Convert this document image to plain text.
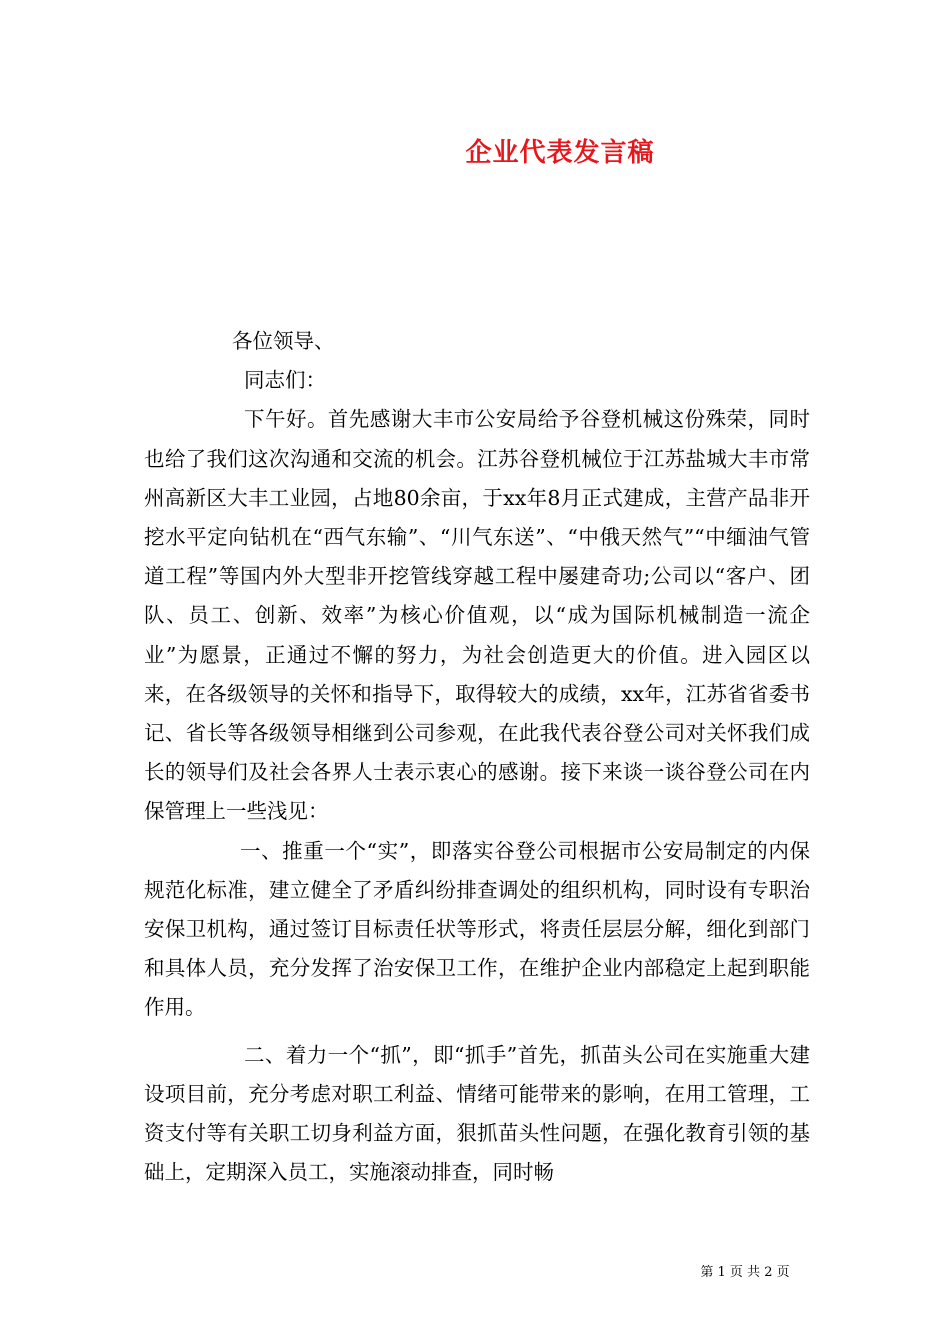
企业代表发言稿

各位领导、

同志们：

下午好。首先感谢大丰市公安局给予谷登机械这份殊荣，同时也给了我们这次沟通和交流的机会。江苏谷登机械位于江苏盐城大丰市常州高新区大丰工业园，占地80余亩，于xx年8月正式建成，主营产品非开挖水平定向钻机在“西气东输”、“川气东送”、“中俄天然气”“中缅油气管道工程”等国内外大型非开挖管线穿越工程中屡建奇功;公司以“客户、团队、员工、创新、效率”为核心价值观，以“成为国际机械制造一流企业”为愿景，正通过不懈的努力，为社会创造更大的价值。进入园区以来，在各级领导的关怀和指导下，取得较大的成绩，xx年，江苏省省委书记、省长等各级领导相继到公司参观，在此我代表谷登公司对关怀我们成长的领导们及社会各界人士表示衷心的感谢。接下来谈一谈谷登公司在内保管理上一些浅见：

一、推重一个“实”，即落实谷登公司根据市公安局制定的内保规范化标准，建立健全了矛盾纠纷排查调处的组织机构，同时设有专职治安保卫机构，通过签订目标责任状等形式，将责任层层分解，细化到部门和具体人员，充分发挥了治安保卫工作，在维护企业内部稳定上起到职能作用。

二、着力一个“抓”，即“抓手”首先，抓苗头公司在实施重大建设项目前，充分考虑对职工利益、情绪可能带来的影响，在用工管理，工资支付等有关职工切身利益方面，狠抓苗头性问题，在强化教育引领的基础上，定期深入员工，实施滚动排查，同时畅

第 1 页 共 2 页
